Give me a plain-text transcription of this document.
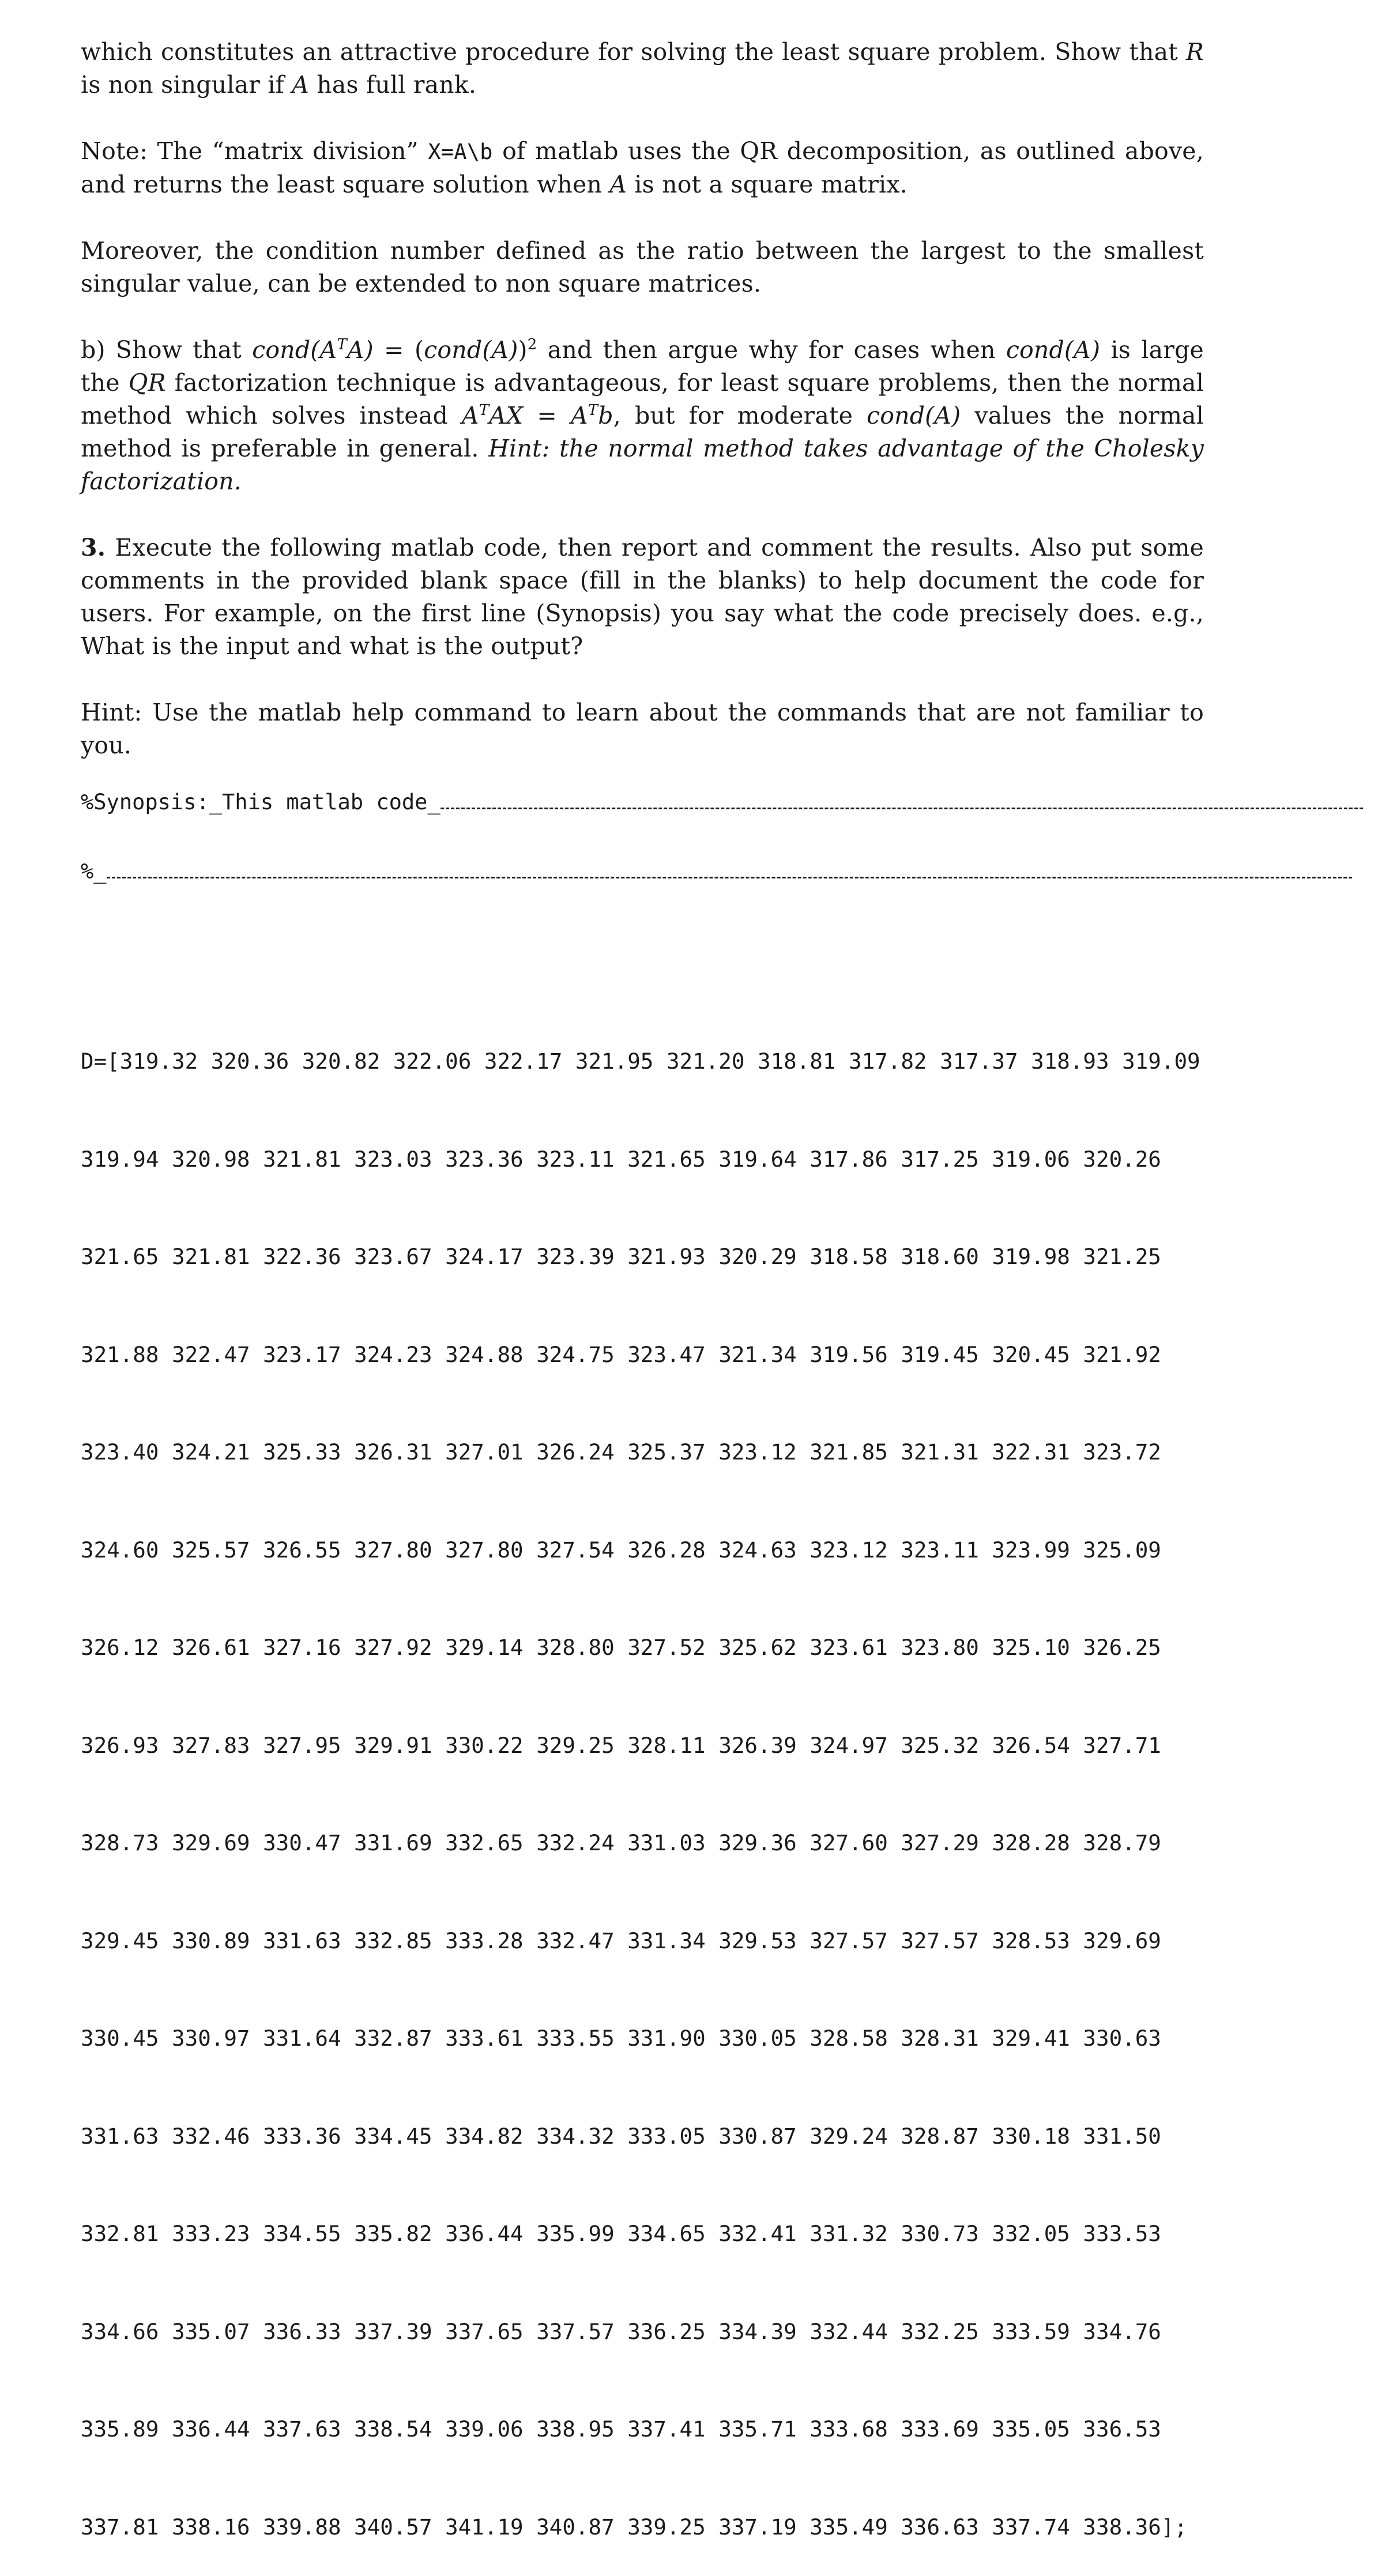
which constitutes an attractive procedure for solving the least square problem. Show that R is non singular if A has full rank.

Note: The “matrix division” X=A\b of matlab uses the QR decomposition, as outlined above, and returns the least square solution when A is not a square matrix.

Moreover, the condition number defined as the ratio between the largest to the smallest singular value, can be extended to non square matrices.

b) Show that $cond(A^TA)$ = (cond(A))$^2$ and then argue why for cases when cond(A) is large the QR factorization technique is advantageous, for least square problems, then the normal method which solves instead $A^TAX = A^Tb$, but for moderate cond(A) values the normal method is preferable in general. Hint: the normal method takes advantage of the Cholesky factorization.

3. Execute the following matlab code, then report and comment the results. Also put some comments in the provided blank space (fill in the blanks) to help document the code for users. For example, on the first line (Synopsis) you say what the code precisely does. e.g., What is the input and what is the output?

Hint: Use the matlab help command to learn about the commands that are not familiar to you.

%Synopsis:_This matlab code_
%_

D=[319.32 320.36 320.82 322.06 322.17 321.95 321.20 318.81 317.82 317.37 318.93 319.09

319.94 320.98 321.81 323.03 323.36 323.11 321.65 319.64 317.86 317.25 319.06 320.26

321.65 321.81 322.36 323.67 324.17 323.39 321.93 320.29 318.58 318.60 319.98 321.25

321.88 322.47 323.17 324.23 324.88 324.75 323.47 321.34 319.56 319.45 320.45 321.92

323.40 324.21 325.33 326.31 327.01 326.24 325.37 323.12 321.85 321.31 322.31 323.72

324.60 325.57 326.55 327.80 327.80 327.54 326.28 324.63 323.12 323.11 323.99 325.09

326.12 326.61 327.16 327.92 329.14 328.80 327.52 325.62 323.61 323.80 325.10 326.25

326.93 327.83 327.95 329.91 330.22 329.25 328.11 326.39 324.97 325.32 326.54 327.71

328.73 329.69 330.47 331.69 332.65 332.24 331.03 329.36 327.60 327.29 328.28 328.79

329.45 330.89 331.63 332.85 333.28 332.47 331.34 329.53 327.57 327.57 328.53 329.69

330.45 330.97 331.64 332.87 333.61 333.55 331.90 330.05 328.58 328.31 329.41 330.63

331.63 332.46 333.36 334.45 334.82 334.32 333.05 330.87 329.24 328.87 330.18 331.50

332.81 333.23 334.55 335.82 336.44 335.99 334.65 332.41 331.32 330.73 332.05 333.53

334.66 335.07 336.33 337.39 337.65 337.57 336.25 334.39 332.44 332.25 333.59 334.76

335.89 336.44 337.63 338.54 339.06 338.95 337.41 335.71 333.68 333.69 335.05 336.53

337.81 338.16 339.88 340.57 341.19 340.87 339.25 337.19 335.49 336.63 337.74 338.36];
